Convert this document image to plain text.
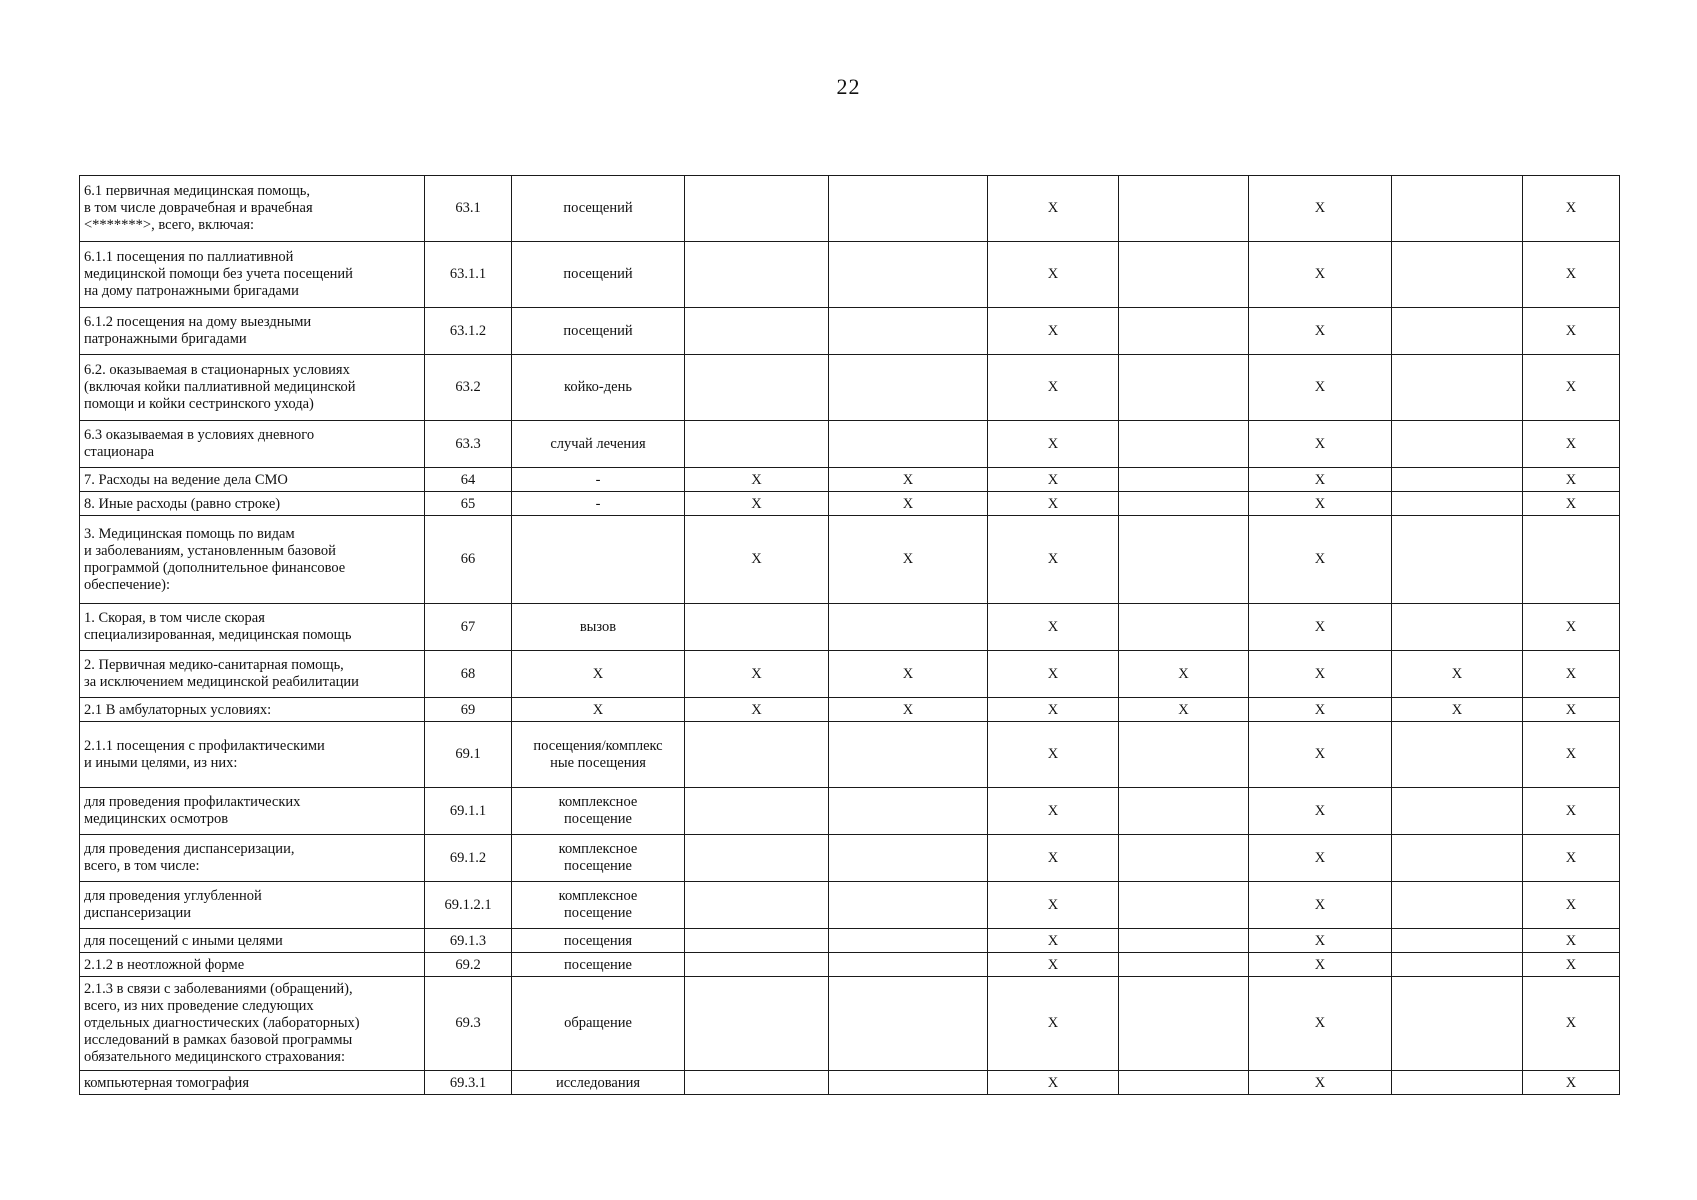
22
6.1 первичная медицинская помощь,
в том числе доврачебная и врачебная
<*******>, всего, включая:	63.1	посещений			X		X		X
6.1.1 посещения по паллиативной
медицинской помощи без учета посещений
на дому патронажными бригадами	63.1.1	посещений			X		X		X
6.1.2 посещения на дому выездными
патронажными бригадами	63.1.2	посещений			X		X		X
6.2. оказываемая в стационарных условиях
(включая койки паллиативной медицинской
помощи и койки сестринского ухода)	63.2	койко-день			X		X		X
6.3 оказываемая в условиях дневного
стационара	63.3	случай лечения			X		X		X
7. Расходы на ведение дела СМО	64	-	X	X	X		X		X
8. Иные расходы (равно строке)	65	-	X	X	X		X		X
3. Медицинская помощь по видам
и заболеваниям, установленным базовой
программой (дополнительное финансовое
обеспечение):	66		X	X	X		X		
1. Скорая, в том числе скорая
специализированная, медицинская помощь	67	вызов			X		X		X
2. Первичная медико-санитарная помощь,
за исключением медицинской реабилитации	68	X	X	X	X	X	X	X	X
2.1 В амбулаторных условиях:	69	X	X	X	X	X	X	X	X
2.1.1 посещения с профилактическими
и иными целями, из них:	69.1	посещения/комплекс
ные посещения			X		X		X
для проведения профилактических
медицинских осмотров	69.1.1	комплексное
посещение			X		X		X
для проведения диспансеризации,
всего, в том числе:	69.1.2	комплексное
посещение			X		X		X
для проведения углубленной
диспансеризации	69.1.2.1	комплексное
посещение			X		X		X
для посещений с иными целями	69.1.3	посещения			X		X		X
2.1.2 в неотложной форме	69.2	посещение			X		X		X
2.1.3 в связи с заболеваниями (обращений),
всего, из них проведение следующих
отдельных диагностических (лабораторных)
исследований в рамках базовой программы
обязательного медицинского страхования:	69.3	обращение			X		X		X
компьютерная томография	69.3.1	исследования			X		X		X
